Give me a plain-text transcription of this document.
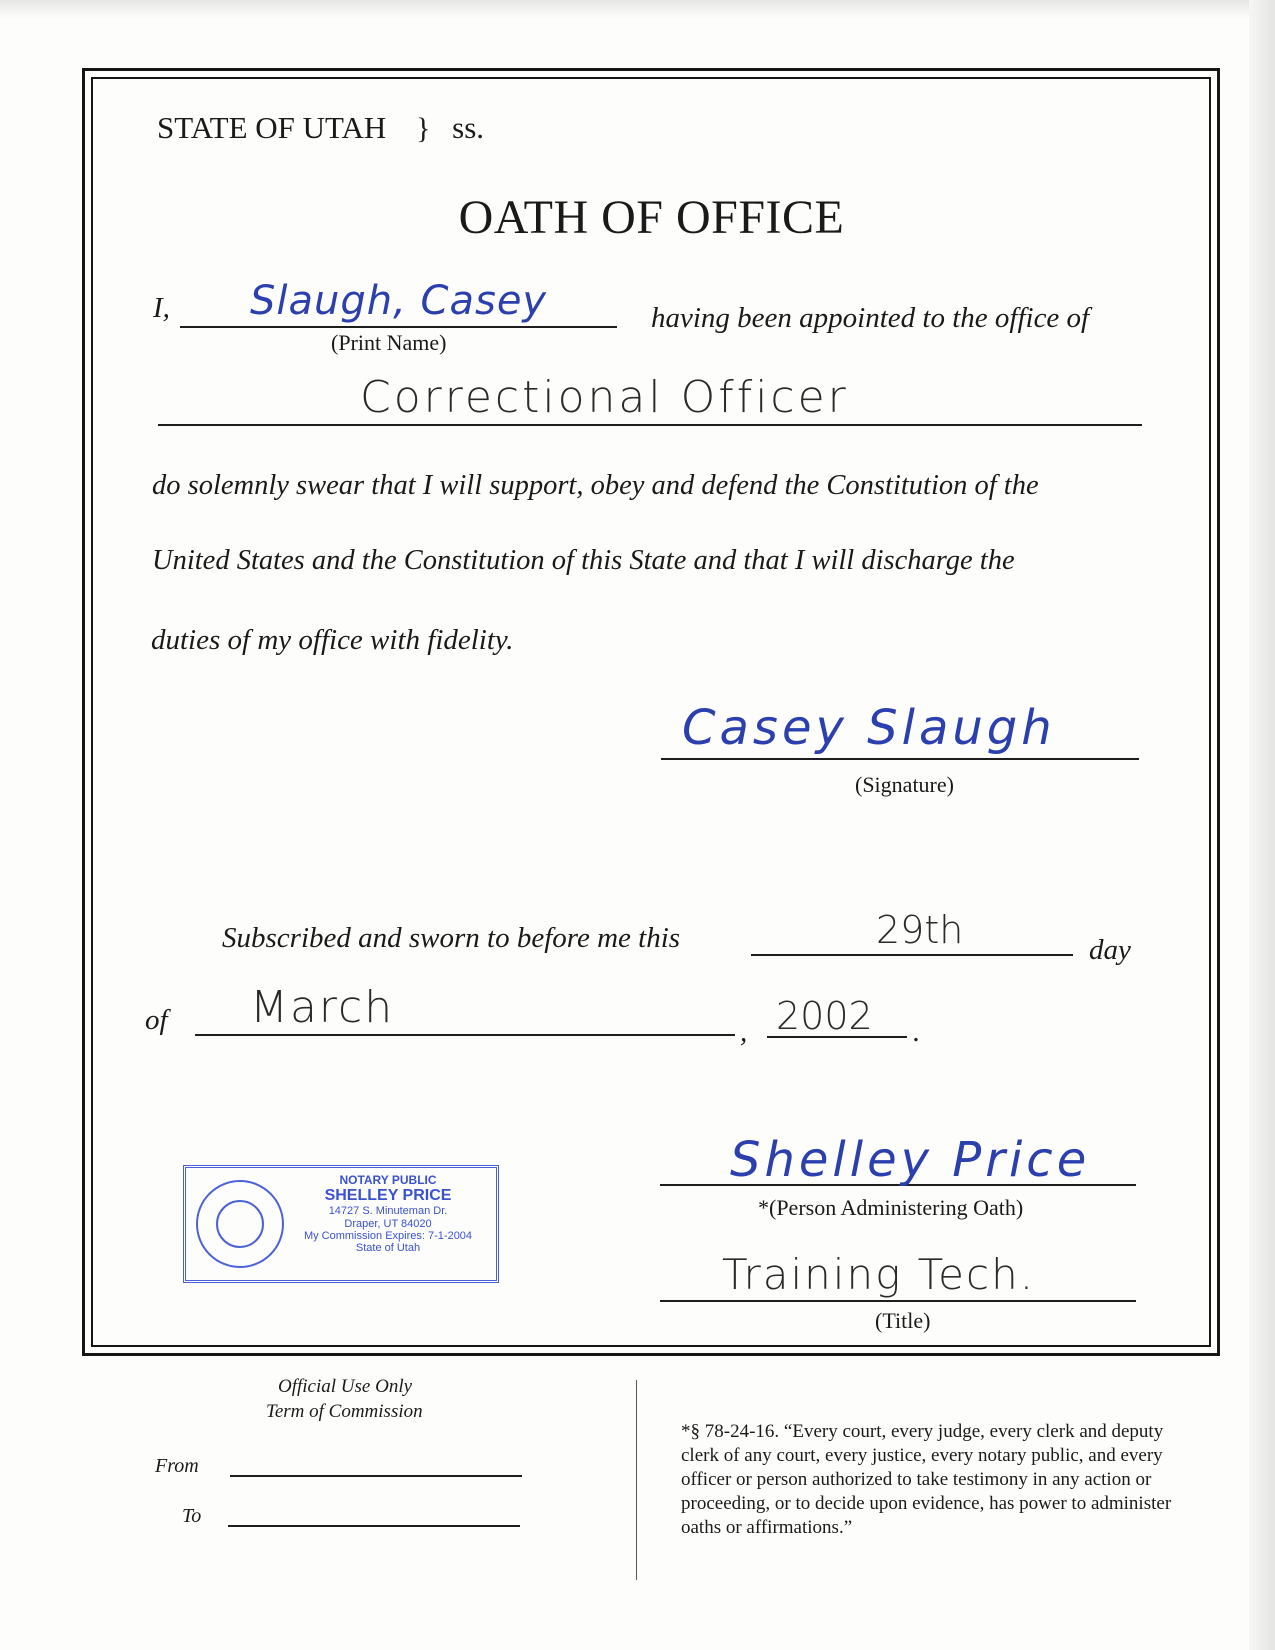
STATE OF UTAH } ss.
OATH OF OFFICE
I, Slaugh, Casey
(Print Name)
having been appointed to the office of
Correctional Officer
do solemnly swear that I will support, obey and defend the Constitution of the
United States and the Constitution of this State and that I will discharge the
duties of my office with fidelity.
Casey Slaugh
(Signature)
Subscribed and sworn to before me this	29th	day
of March	, 2002 .
NOTARY PUBLIC
SHELLEY PRICE
14727 S. Minuteman Dr.
Draper, UT 84020
My Commission Expires: 7-1-2004
State of Utah
Shelley Price
*(Person Administering Oath)
Training Tech.
(Title)
Official Use Only
Term of Commission
From
To
*§ 78-24-16. “Every court, every judge, every clerk and deputy clerk of any court, every justice, every notary public, and every officer or person authorized to take testimony in any action or proceeding, or to decide upon evidence, has power to administer oaths or affirmations.”
